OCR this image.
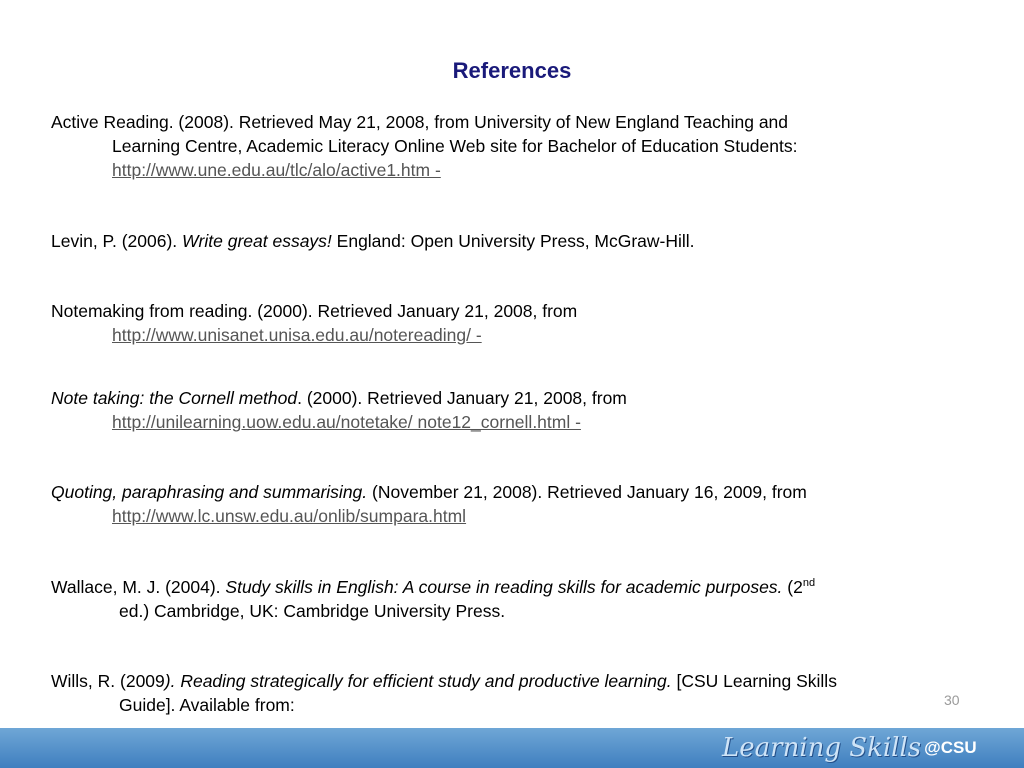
References
Active Reading. (2008). Retrieved May 21, 2008, from University of New England Teaching and
Learning Centre, Academic Literacy Online Web site for Bachelor of Education Students:
http://www.une.edu.au/tlc/alo/active1.htm -
Levin, P. (2006). Write great essays! England: Open University Press, McGraw-Hill.
Notemaking from reading. (2000). Retrieved January 21, 2008, from
http://www.unisanet.unisa.edu.au/notereading/ -
Note taking: the Cornell method. (2000). Retrieved January 21, 2008, from
http://unilearning.uow.edu.au/notetake/ note12_cornell.html -
Quoting, paraphrasing and summarising. (November 21, 2008). Retrieved January 16, 2009, from
http://www.lc.unsw.edu.au/onlib/sumpara.html
Wallace, M. J. (2004). Study skills in English: A course in reading skills for academic purposes. (2nd
ed.) Cambridge, UK: Cambridge University Press.
Wills, R. (2009). Reading strategically for efficient study and productive learning. [CSU Learning Skills
Guide]. Available from:	30
Learning Skills @CSU
